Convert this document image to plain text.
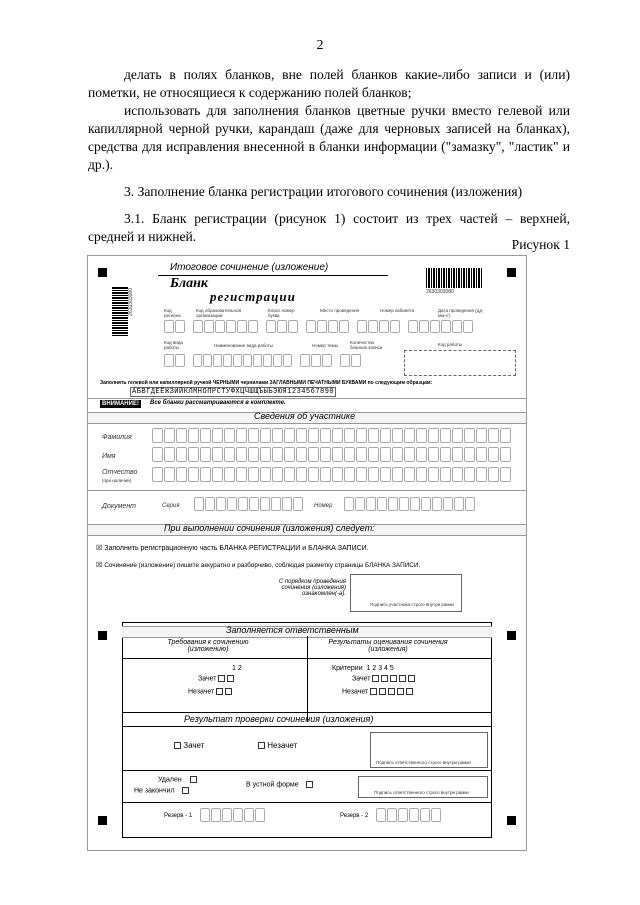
2
делать в полях бланков, вне полей бланков какие-либо записи и (или) пометки, не относящиеся к содержанию полей бланков;
использовать для заполнения бланков цветные ручки вместо гелевой или капиллярной черной ручки, карандаш (даже для черновых записей на бланках), средства для исправления внесенной в бланки информации ("замазку", "ластик" и др.).
3. Заполнение бланка регистрации итогового сочинения (изложения)
3.1. Бланк регистрации (рисунок 1) состоит из трех частей – верхней, средней и нижней.
Рисунок 1
Итоговое сочинение (изложение)
Бланк
регистрации	2630303080
2630303080	Код региона
Код образовательной организации
Класс номер буква
Место проведения	Номер кабинета	Дата проведения (дд-мм-гг)
Код вида работы	Наименование вида работы	Номер темы
Количество бланков записи
Код работы
Заполнять гелевой или капиллярной ручкой ЧЕРНЫМИ чернилами ЗАГЛАВНЫМИ ПЕЧАТНЫМИ БУКВАМИ по следующим образцам:
АБВГДЕЁЖЗИЙКЛМНОПРСТУФХЦЧШЩЪЫЬЭЮЯ1234567890
ВНИМАНИЕ!	Все бланки рассматриваются в комплекте.
Сведения об участнике
Фамилия
Имя
Отчество
(при наличии)
Документ	Серия	Номер
При выполнении сочинения (изложения) следует:
☒ Заполнить регистрационную часть БЛАНКА РЕГИСТРАЦИИ и БЛАНКА ЗАПИСИ.
☒ Сочинение (изложение) пишите аккуратно и разборчиво, соблюдая разметку страницы БЛАНКА ЗАПИСИ.
С порядком проведения сочинения (изложения) ознакомлен(-а).
Подпись участника строго внутри рамки
Заполняется ответственным
Требования к сочинению (изложению)
Результаты оценивания сочинения (изложения)
1 2
Зачет
Незачет
Критерии 1 2 3 4 5
Зачет
Незачет
Результат проверки сочинения (изложения)
Зачет	Незачет
Подпись ответственного строго внутри рамки
Удален
Не закончил
В устной форме
Подпись ответственного строго внутри рамки
Резерв - 1	Резерв - 2
